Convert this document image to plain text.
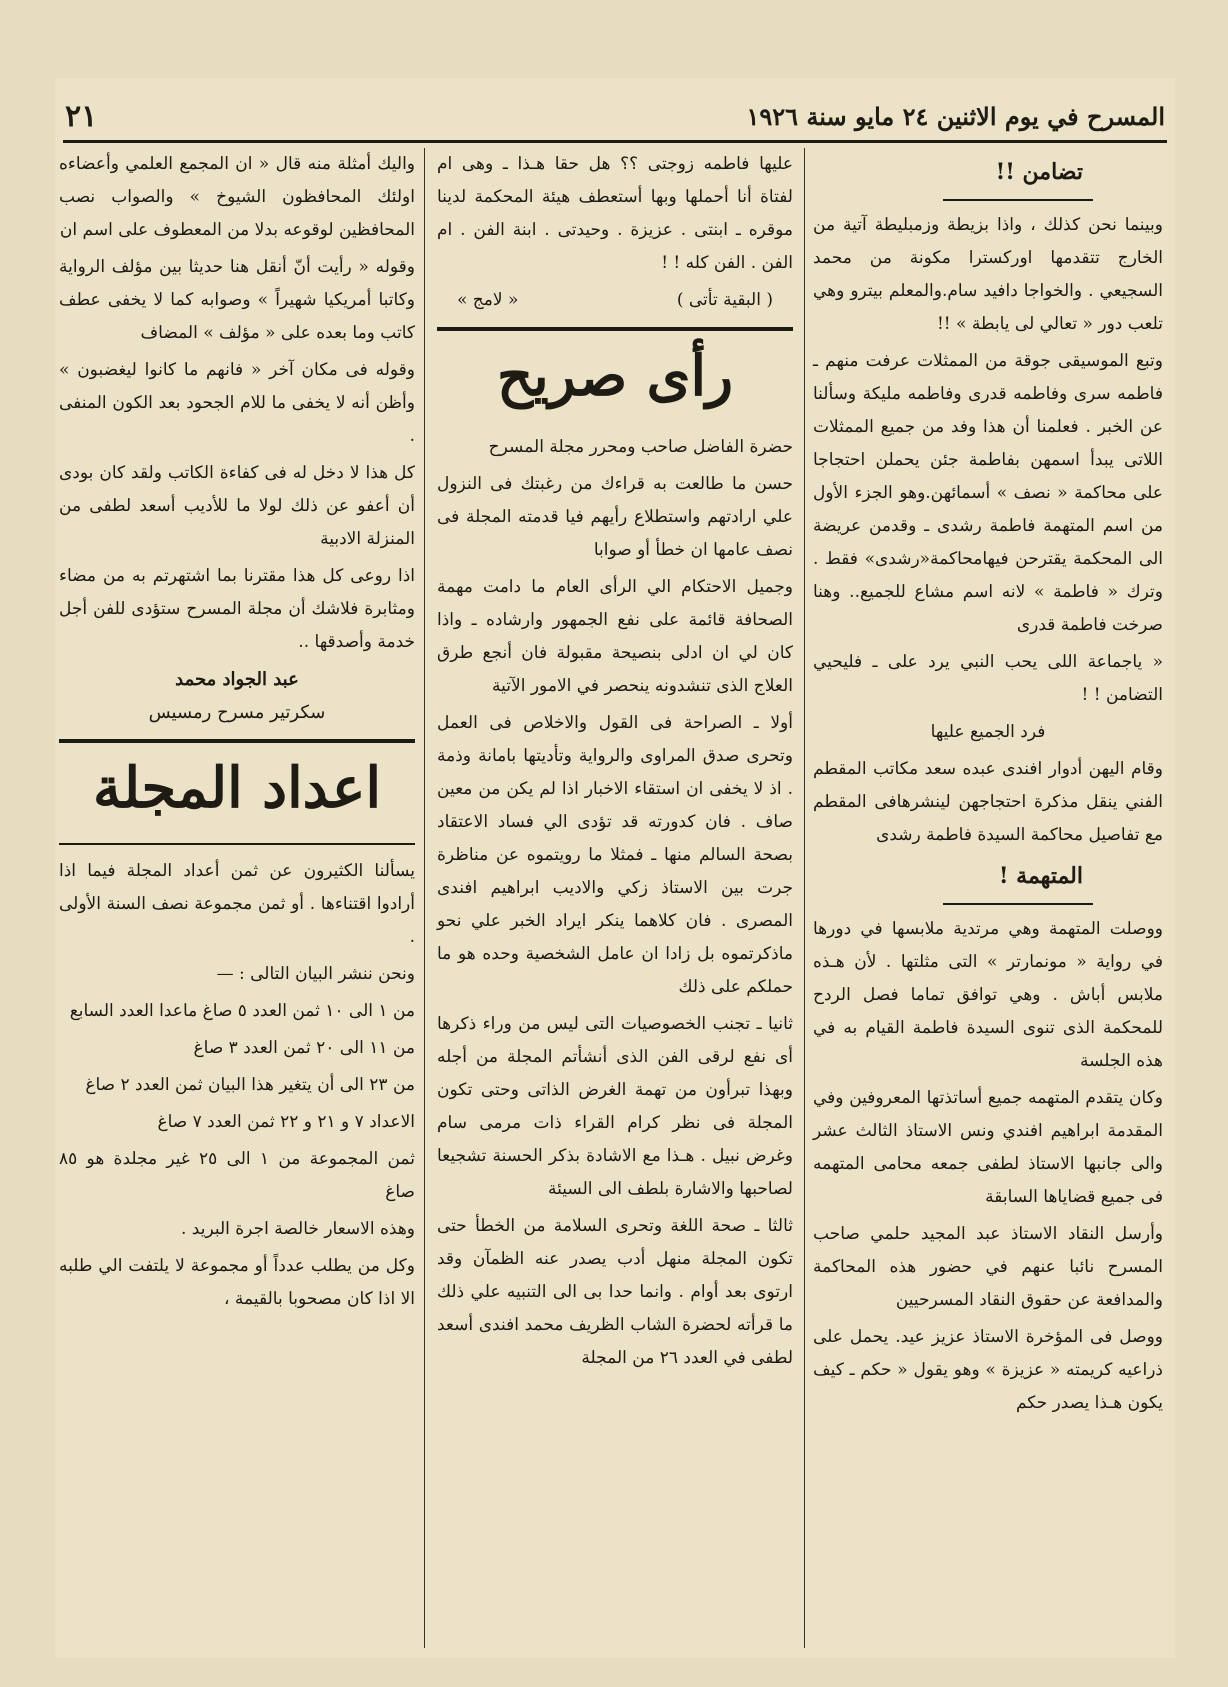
المسرح في يوم الاثنين ٢٤ مايو سنة ١٩٢٦
٢١
تضامن !!

وبينما نحن كذلك ، واذا بزيطة وزمبليطة آتية من الخارج تتقدمها اوركسترا مكونة من محمد السجيعي . والخواجا دافيد سام.والمعلم بيترو وهي تلعب دور « تعالي لى يابطة » !!

وتبع الموسيقى جوقة من الممثلات عرفت منهم ـ فاطمه سرى وفاطمه قدرى وفاطمه مليكة وسألنا عن الخبر . فعلمنا أن هذا وفد من جميع الممثلات اللاتى يبدأ اسمهن بفاطمة جئن يحملن احتجاجا على محاكمة « نصف » أسمائهن.وهو الجزء الأول من اسم المتهمة فاطمة رشدى ـ وقدمن عريضة الى المحكمة يقترحن فيهامحاكمة«رشدى» فقط . وترك « فاطمة » لانه اسم مشاع للجميع.. وهنا صرخت فاطمة قدرى

« ياجماعة اللى يحب النبي يرد على ـ فليحيي التضامن ! !

فرد الجميع عليها

وقام اليهن أدوار افندى عبده سعد مكاتب المقطم الفني ينقل مذكرة احتجاجهن لينشرهافى المقطم مع تفاصيل محاكمة السيدة فاطمة رشدى

المتهمة !

ووصلت المتهمة وهي مرتدية ملابسها في دورها في رواية « مونمارتر » التى مثلتها . لأن هـذه ملابس أباش . وهي توافق تماما فصل الردح للمحكمة الذى تنوى السيدة فاطمة القيام به في هذه الجلسة

وكان يتقدم المتهمه جميع أساتذتها المعروفين وفي المقدمة ابراهيم افندي ونس الاستاذ الثالث عشر والى جانبها الاستاذ لطفى جمعه محامى المتهمه فى جميع قضاياها السابقة

وأرسل النقاد الاستاذ عبد المجيد حلمي صاحب المسرح نائبا عنهم في حضور هذه المحاكمة والمدافعة عن حقوق النقاد المسرحيين

ووصل فى المؤخرة الاستاذ عزيز عيد. يحمل على ذراعيه كريمته « عزيزة » وهو يقول « حكم ـ كيف يكون هـذا يصدر حكم

عليها فاطمه زوجتى ؟؟ هل حقا هـذا ـ وهى ام لفتاة أنا أحملها وبها أستعطف هيئة المحكمة لدينا موقره ـ ابنتى . عزيزة . وحيدتى . ابنة الفن . ام الفن . الفن كله ! !

( البقية تأتى )
« لامج »
رأى صريح

حضرة الفاضل صاحب ومحرر مجلة المسرح

حسن ما طالعت به قراءك من رغبتك فى النزول علي ارادتهم واستطلاع رأيهم فيا قدمته المجلة فى نصف عامها ان خطأ أو صوابا

وجميل الاحتكام الي الرأى العام ما دامت مهمة الصحافة قائمة على نفع الجمهور وارشاده ـ واذا كان لي ان ادلى بنصيحة مقبولة فان أنجع طرق العلاج الذى تنشدونه ينحصر في الامور الآتية

أولا ـ الصراحة فى القول والاخلاص فى العمل وتحرى صدق المراوى والرواية وتأديتها بامانة وذمة . اذ لا يخفى ان استقاء الاخبار اذا لم يكن من معين صاف . فان كدورته قد تؤدى الي فساد الاعتقاد بصحة السالم منها ـ فمثلا ما رويتموه عن مناظرة جرت بين الاستاذ زكي والاديب ابراهيم افندى المصرى . فان كلاهما ينكر ايراد الخبر علي نحو ماذكرتموه بل زادا ان عامل الشخصية وحده هو ما حملكم على ذلك

ثانيا ـ تجنب الخصوصيات التى ليس من وراء ذكرها أى نفع لرقى الفن الذى أنشأتم المجلة من أجله وبهذا تبرأون من تهمة الغرض الذاتى وحتى تكون المجلة فى نظر كرام القراء ذات مرمى سام وغرض نبيل . هـذا مع الاشادة بذكر الحسنة تشجيعا لصاحبها والاشارة بلطف الى السيئة

ثالثا ـ صحة اللغة وتحرى السلامة من الخطأ حتى تكون المجلة منهل أدب يصدر عنه الظمآن وقد ارتوى بعد أوام . وانما حدا بى الى التنبيه علي ذلك ما قرأته لحضرة الشاب الظريف محمد افندى أسعد لطفى في العدد ٢٦ من المجلة

واليك أمثلة منه قال « ان المجمع العلمي وأعضاءه اولئك المحافظون الشيوخ » والصواب نصب المحافظين لوقوعه بدلا من المعطوف على اسم ان

وقوله « رأيت أنّ أنقل هنا حديثا بين مؤلف الرواية وكاتبا أمريكيا شهيراً » وصوابه كما لا يخفى عطف كاتب وما بعده على « مؤلف » المضاف

وقوله فى مكان آخر « فانهم ما كانوا ليغضبون » وأظن أنه لا يخفى ما للام الجحود بعد الكون المنفى .

كل هذا لا دخل له فى كفاءة الكاتب ولقد كان بودى أن أعفو عن ذلك لولا ما للأديب أسعد لطفى من المنزلة الادبية

اذا روعى كل هذا مقترنا بما اشتهرتم به من مضاء ومثابرة فلاشك أن مجلة المسرح ستؤدى للفن أجل خدمة وأصدقها ..

عبد الجواد محمد
سكرتير مسرح رمسيس
اعداد المجلة

يسألنا الكثيرون عن ثمن أعداد المجلة فيما اذا أرادوا اقتناءها . أو ثمن مجموعة نصف السنة الأولى .

ونحن ننشر البيان التالى : —

من ١ الى ١٠ ثمن العدد ٥ صاغ ماعدا العدد السابع

من ١١ الى ٢٠ ثمن العدد ٣ صاغ

من ٢٣ الى أن يتغير هذا البيان ثمن العدد ٢ صاغ

الاعداد ٧ و ٢١ و ٢٢ ثمن العدد ٧ صاغ

ثمن المجموعة من ١ الى ٢٥ غير مجلدة هو ٨٥ صاغ

وهذه الاسعار خالصة اجرة البريد .

وكل من يطلب عدداً أو مجموعة لا يلتفت الي طلبه الا اذا كان مصحوبا بالقيمة ،
